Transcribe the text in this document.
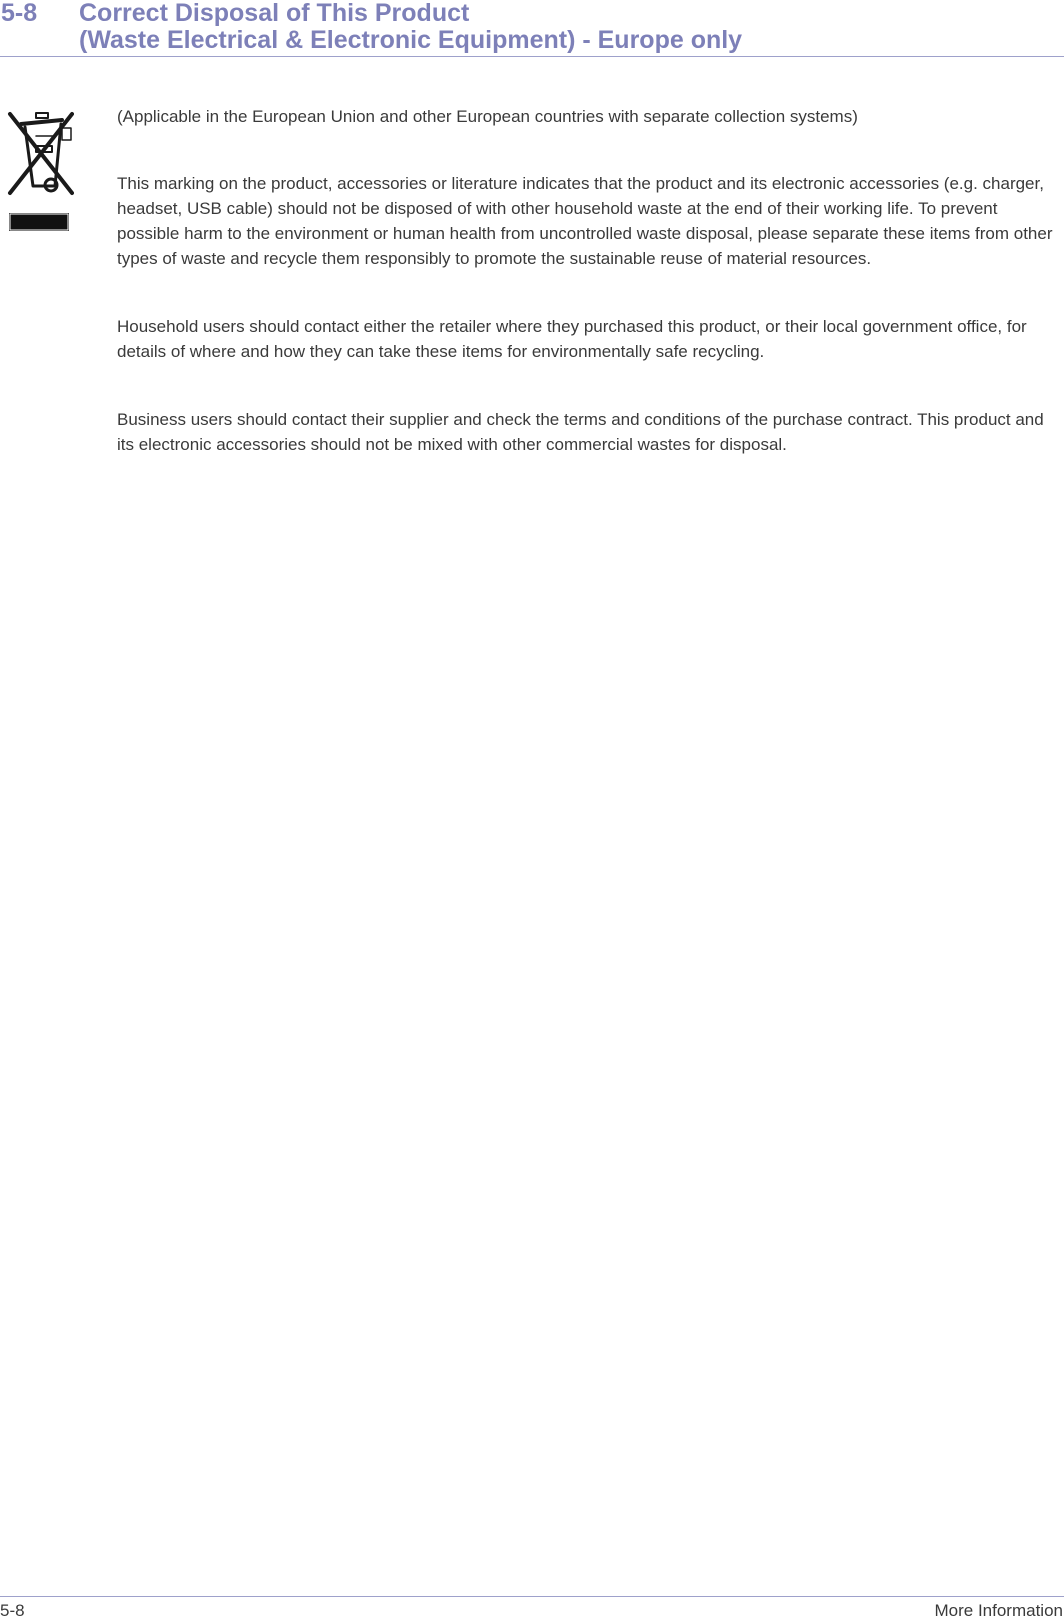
5-8	Correct Disposal of This Product
(Waste Electrical & Electronic Equipment) - Europe only

(Applicable in the European Union and other European countries with separate collection systems)

This marking on the product, accessories or literature indicates that the product and its electronic accessories (e.g. charger, headset, USB cable) should not be disposed of with other household waste at the end of their working life. To prevent possible harm to the environment or human health from uncontrolled waste disposal, please separate these items from other types of waste and recycle them responsibly to promote the sustainable reuse of material resources.

Household users should contact either the retailer where they purchased this product, or their local government office, for details of where and how they can take these items for environmentally safe recycling.

Business users should contact their supplier and check the terms and conditions of the purchase contract. This product and its electronic accessories should not be mixed with other commercial wastes for disposal.

5-8	More Information
